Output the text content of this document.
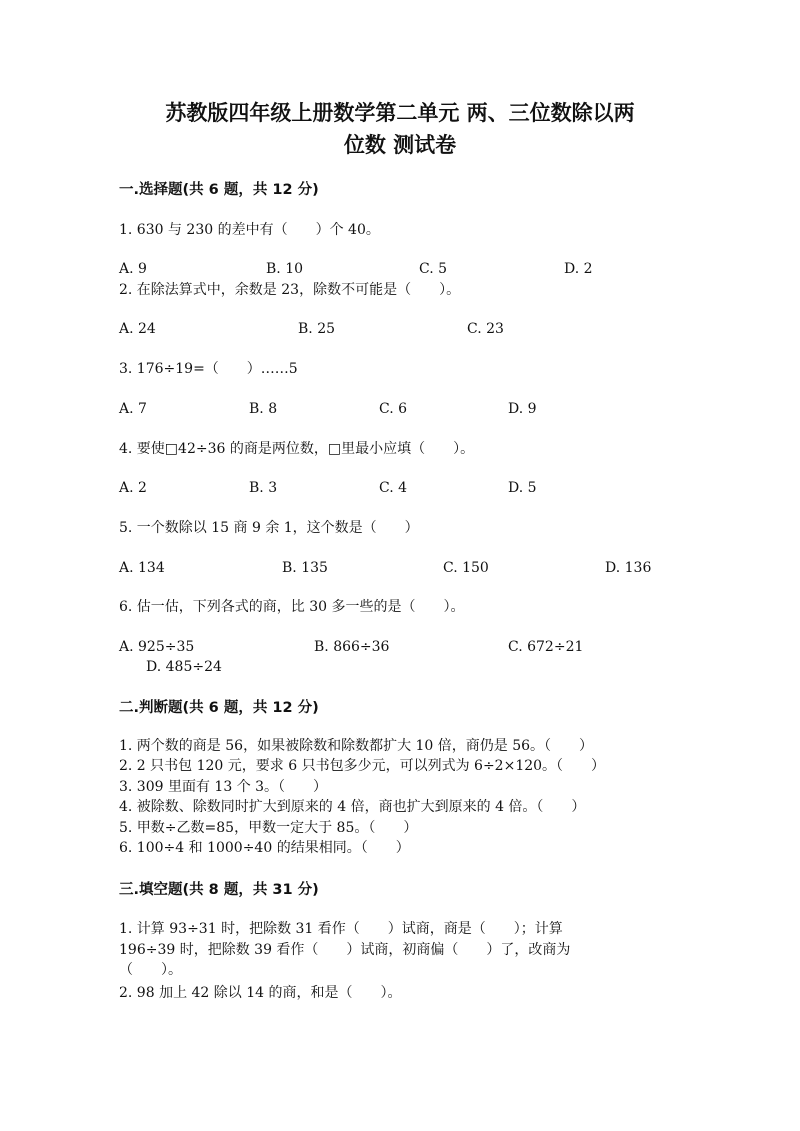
苏教版四年级上册数学第二单元 两、三位数除以两
位数 测试卷
一.选择题(共 6 题，共 12 分)
1. 630 与 230 的差中有（　　）个 40。
A. 9	B. 10	C. 5	D. 2
2. 在除法算式中，余数是 23，除数不可能是（　　）。
A. 24	B. 25	C. 23
3. 176÷19=（　　）……5
A. 7	B. 8	C. 6	D. 9
4. 要使□42÷36 的商是两位数，□里最小应填（　　）。
A. 2	B. 3	C. 4	D. 5
5. 一个数除以 15 商 9 余 1，这个数是（　　）
A. 134	B. 135	C. 150	D. 136
6. 估一估，下列各式的商，比 30 多一些的是（　　）。
A. 925÷35	B. 866÷36	C. 672÷21
D. 485÷24
二.判断题(共 6 题，共 12 分)
1. 两个数的商是 56，如果被除数和除数都扩大 10 倍，商仍是 56。（　　）
2. 2 只书包 120 元，要求 6 只书包多少元，可以列式为 6÷2×120。（　　）
3. 309 里面有 13 个 3。（　　）
4. 被除数、除数同时扩大到原来的 4 倍，商也扩大到原来的 4 倍。（　　）
5. 甲数÷乙数=85，甲数一定大于 85。（　　）
6. 100÷4 和 1000÷40 的结果相同。（　　）
三.填空题(共 8 题，共 31 分)
1. 计算 93÷31 时，把除数 31 看作（　　）试商，商是（　　）；计算
196÷39 时，把除数 39 看作（　　）试商，初商偏（　　）了，改商为
（　　）。
2. 98 加上 42 除以 14 的商，和是（　　）。
